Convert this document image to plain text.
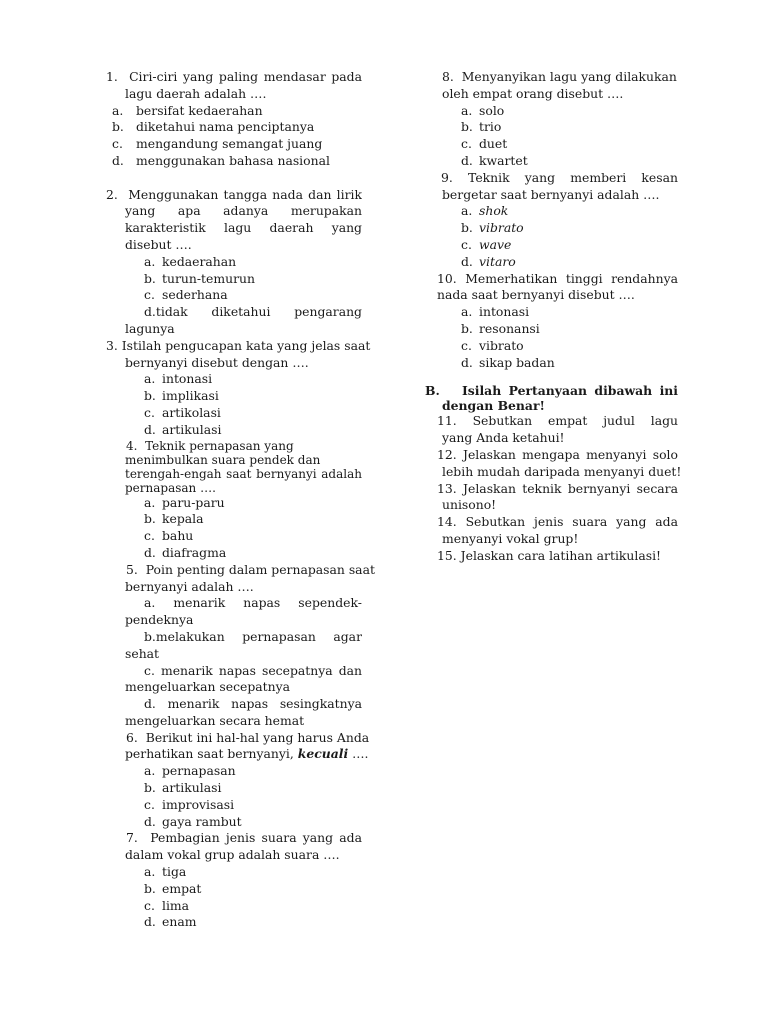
1. Ciri-ciri yang paling mendasar pada
lagu daerah adalah ….
a. bersifat kedaerahan
b. diketahui nama penciptanya
c. mengandung semangat juang
d. menggunakan bahasa nasional
2. Menggunakan tangga nada dan lirik
yang apa adanya merupakan
karakteristik lagu daerah yang
disebut ….
a. kedaerahan
b. turun-temurun
c. sederhana
d.tidak diketahui pengarang
lagunya
3. Istilah pengucapan kata yang jelas saat
bernyanyi disebut dengan ….
a. intonasi
b. implikasi
c. artikolasi
d. artikulasi
4. Teknik pernapasan yang
menimbulkan suara pendek dan
terengah-engah saat bernyanyi adalah
pernapasan ….
a. paru-paru
b. kepala
c. bahu
d. diafragma
5. Poin penting dalam pernapasan saat
bernyanyi adalah ….
a. menarik napas sependek-
pendeknya
b.melakukan pernapasan agar
sehat
c. menarik napas secepatnya dan
mengeluarkan secepatnya
d. menarik napas sesingkatnya
mengeluarkan secara hemat
6. Berikut ini hal-hal yang harus Anda
perhatikan saat bernyanyi, kecuali ….
a. pernapasan
b. artikulasi
c. improvisasi
d. gaya rambut
7. Pembagian jenis suara yang ada
dalam vokal grup adalah suara ….
a. tiga
b. empat
c. lima
d. enam
8. Menyanyikan lagu yang dilakukan
oleh empat orang disebut ….
a. solo
b. trio
c. duet
d. kwartet
9. Teknik yang memberi kesan
bergetar saat bernyanyi adalah ….
a. shok
b. vibrato
c. wave
d. vitaro
10. Memerhatikan tinggi rendahnya
nada saat bernyanyi disebut ….
a. intonasi
b. resonansi
c. vibrato
d. sikap badan
B. Isilah Pertanyaan dibawah ini
dengan Benar!
11. Sebutkan empat judul lagu
yang Anda ketahui!
12. Jelaskan mengapa menyanyi solo
lebih mudah daripada menyanyi duet!
13. Jelaskan teknik bernyanyi secara
unisono!
14. Sebutkan jenis suara yang ada
menyanyi vokal grup!
15. Jelaskan cara latihan artikulasi!
